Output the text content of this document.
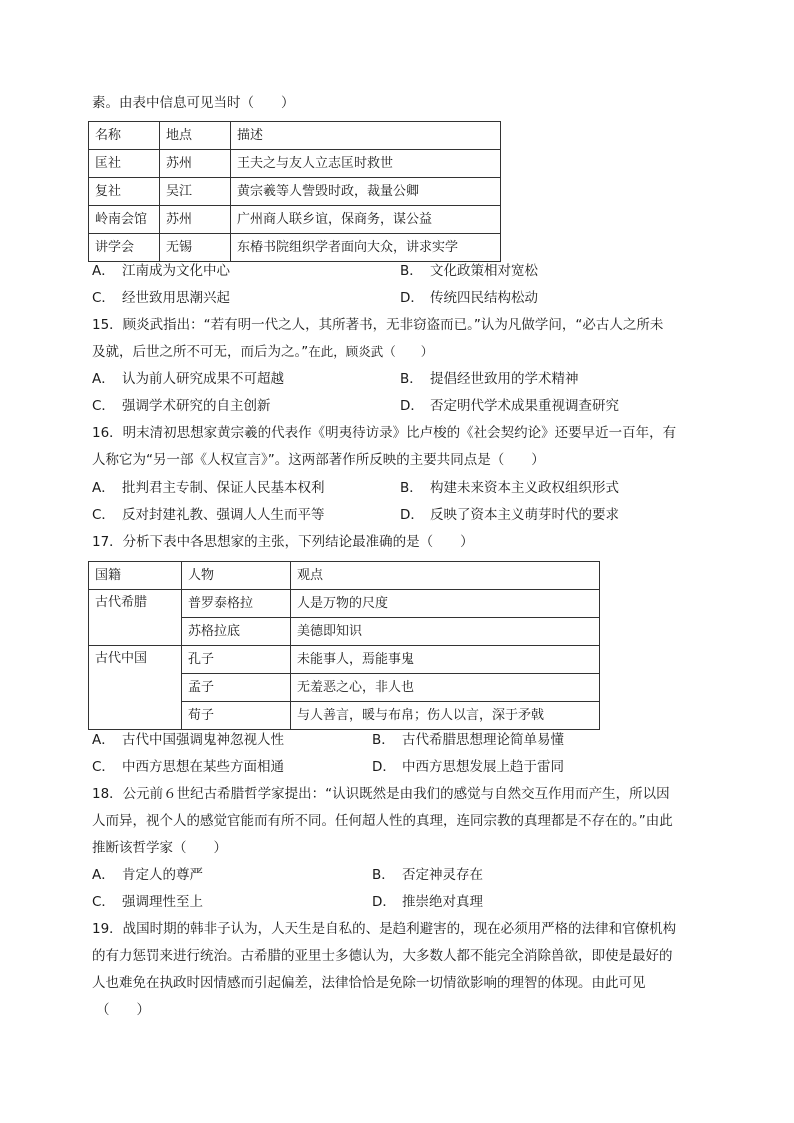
素。由表中信息可见当时（　　）
名称	地点	描述
匡社	苏州	王夫之与友人立志匡时救世
复社	吴江	黄宗羲等人訾毁时政，裁量公卿
岭南会馆	苏州	广州商人联乡谊，保商务，谋公益
讲学会	无锡	东椿书院组织学者面向大众，讲求实学
A． 江南成为文化中心	B． 文化政策相对宽松
C． 经世致用思潮兴起	D． 传统四民结构松动
15．顾炎武指出：“若有明一代之人，其所著书，无非窃盗而已。”认为凡做学问，“必古人之所未
及就，后世之所不可无，而后为之。”在此，顾炎武（　　）
A． 认为前人研究成果不可超越	B． 提倡经世致用的学术精神
C． 强调学术研究的自主创新	D． 否定明代学术成果重视调查研究
16．明末清初思想家黄宗羲的代表作《明夷待访录》比卢梭的《社会契约论》还要早近一百年，有
人称它为“另一部《人权宣言》”。这两部著作所反映的主要共同点是（　　）
A． 批判君主专制、保证人民基本权利	B． 构建未来资本主义政权组织形式
C． 反对封建礼教、强调人人生而平等	D． 反映了资本主义萌芽时代的要求
17．分析下表中各思想家的主张，下列结论最准确的是（　　）
国籍	人物	观点
古代希腊	普罗泰格拉	人是万物的尺度
	苏格拉底	美德即知识
古代中国	孔子	未能事人，焉能事鬼
	孟子	无羞恶之心，非人也
	荀子	与人善言，暖与布帛；伤人以言，深于矛戟
A． 古代中国强调鬼神忽视人性	B． 古代希腊思想理论简单易懂
C． 中西方思想在某些方面相通	D． 中西方思想发展上趋于雷同
18．公元前６世纪古希腊哲学家提出：“认识既然是由我们的感觉与自然交互作用而产生，所以因
人而异，视个人的感觉官能而有所不同。任何超人性的真理，连同宗教的真理都是不存在的。”由此
推断该哲学家（　　）
A． 肯定人的尊严	B． 否定神灵存在
C． 强调理性至上	D． 推崇绝对真理
19．战国时期的韩非子认为，人天生是自私的、是趋利避害的，现在必须用严格的法律和官僚机构
的有力惩罚来进行统治。古希腊的亚里士多德认为，大多数人都不能完全消除兽欲，即使是最好的
人也难免在执政时因情感而引起偏差，法律恰恰是免除一切情欲影响的理智的体现。由此可见
（　　）
